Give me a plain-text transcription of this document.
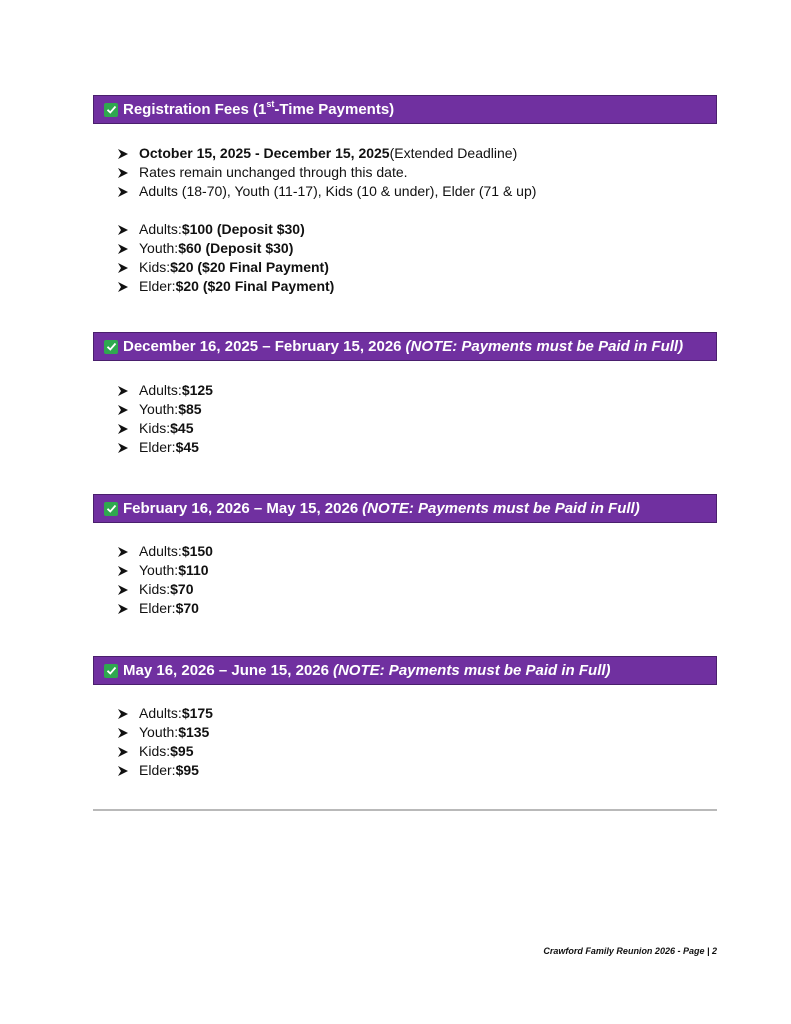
Registration Fees (1st-Time Payments)
October 15, 2025 - December 15, 2025 (Extended Deadline)
Rates remain unchanged through this date.
Adults (18-70), Youth (11-17), Kids (10 & under), Elder (71 & up)
Adults: $100 (Deposit $30)
Youth: $60 (Deposit $30)
Kids: $20 ($20 Final Payment)
Elder: $20 ($20 Final Payment)
December 16, 2025 – February 15, 2026 (NOTE: Payments must be Paid in Full)
Adults: $125
Youth: $85
Kids: $45
Elder: $45
February 16, 2026 – May 15, 2026 (NOTE: Payments must be Paid in Full)
Adults: $150
Youth: $110
Kids: $70
Elder: $70
May 16, 2026 – June 15, 2026 (NOTE: Payments must be Paid in Full)
Adults: $175
Youth: $135
Kids: $95
Elder: $95
Crawford Family Reunion 2026 - Page | 2
